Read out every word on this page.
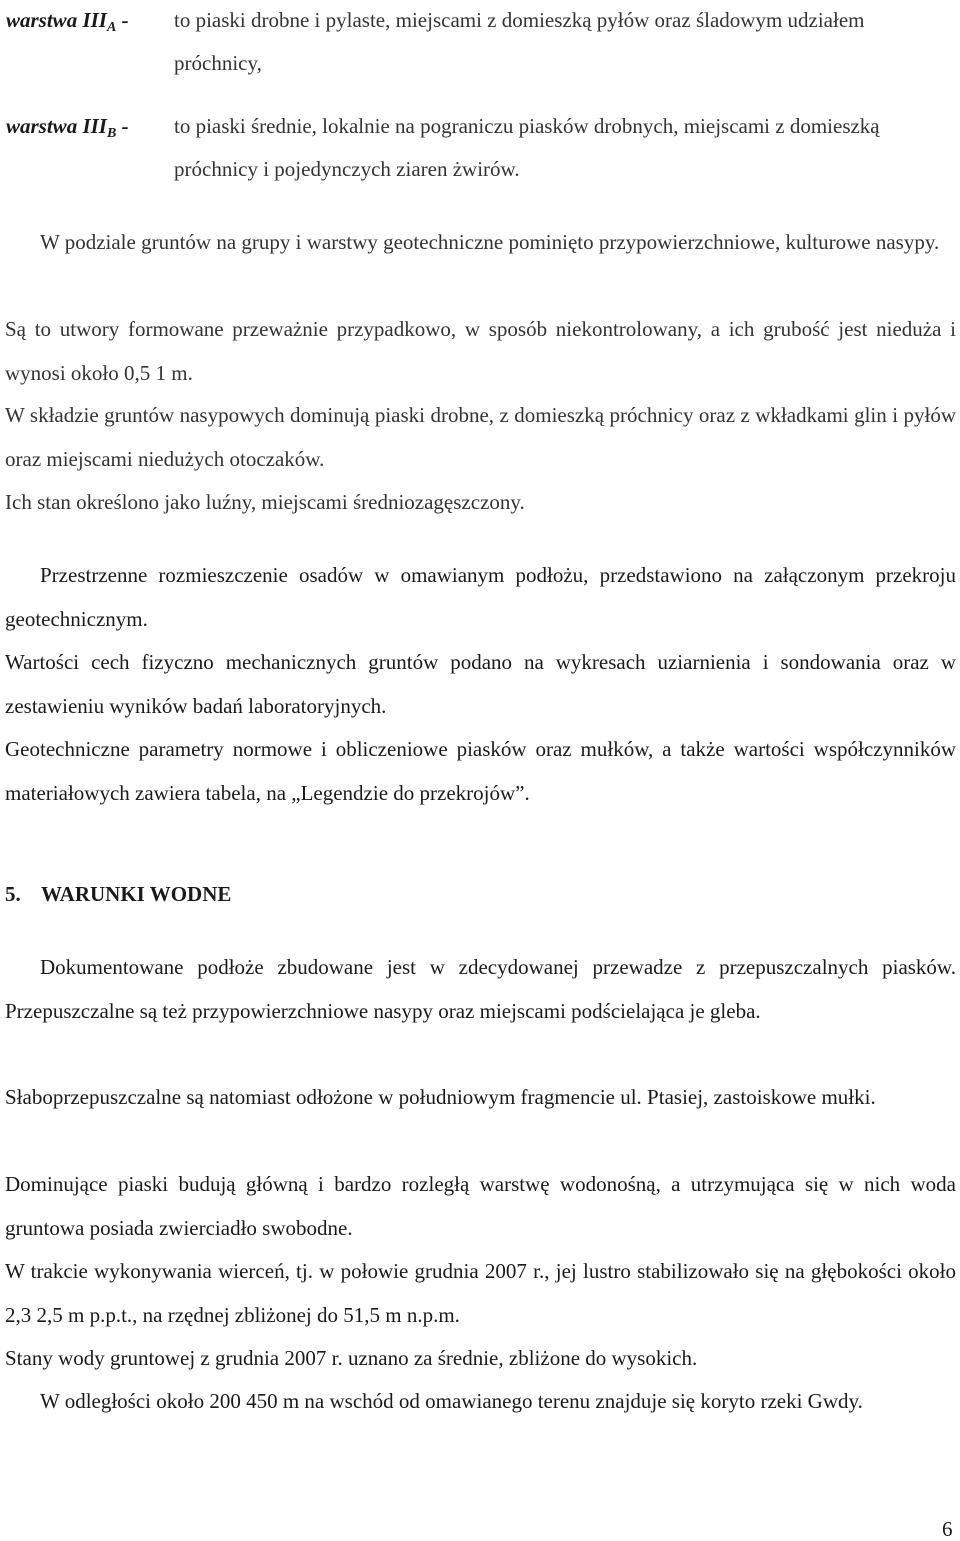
warstwa $III_A$ -	to piaski drobne i pylaste, miejscami z domieszką pyłów oraz śladowym udziałem próchnicy,
warstwa $III_B$ -	to piaski średnie, lokalnie na pograniczu piasków drobnych, miejscami z domieszką próchnicy i pojedynczych ziaren żwirów.

W podziale gruntów na grupy i warstwy geotechniczne pominięto przypowierzchniowe, kulturowe nasypy.

Są to utwory formowane przeważnie przypadkowo, w sposób niekontrolowany, a ich grubość jest nieduża i wynosi około 0,5 1 m.

W składzie gruntów nasypowych dominują piaski drobne, z domieszką próchnicy oraz z wkładkami glin i pyłów oraz miejscami niedużych otoczaków.

Ich stan określono jako luźny, miejscami średniozagęszczony.

Przestrzenne rozmieszczenie osadów w omawianym podłożu, przedstawiono na załączonym przekroju geotechnicznym.

Wartości cech fizyczno mechanicznych gruntów podano na wykresach uziarnienia i sondowania oraz w zestawieniu wyników badań laboratoryjnych.

Geotechniczne parametry normowe i obliczeniowe piasków oraz mułków, a także wartości współczynników materiałowych zawiera tabela, na „Legendzie do przekrojów”.

5. WARUNKI WODNE

Dokumentowane podłoże zbudowane jest w zdecydowanej przewadze z przepuszczalnych piasków. Przepuszczalne są też przypowierzchniowe nasypy oraz miejscami podścielająca je gleba.

Słaboprzepuszczalne są natomiast odłożone w południowym fragmencie ul. Ptasiej, zastoiskowe mułki.

Dominujące piaski budują główną i bardzo rozległą warstwę wodonośną, a utrzymująca się w nich woda gruntowa posiada zwierciadło swobodne.

W trakcie wykonywania wierceń, tj. w połowie grudnia 2007 r., jej lustro stabilizowało się na głębokości około 2,3 2,5 m p.p.t., na rzędnej zbliżonej do 51,5 m n.p.m.

Stany wody gruntowej z grudnia 2007 r. uznano za średnie, zbliżone do wysokich.

W odległości około 200 450 m na wschód od omawianego terenu znajduje się koryto rzeki Gwdy.

6
